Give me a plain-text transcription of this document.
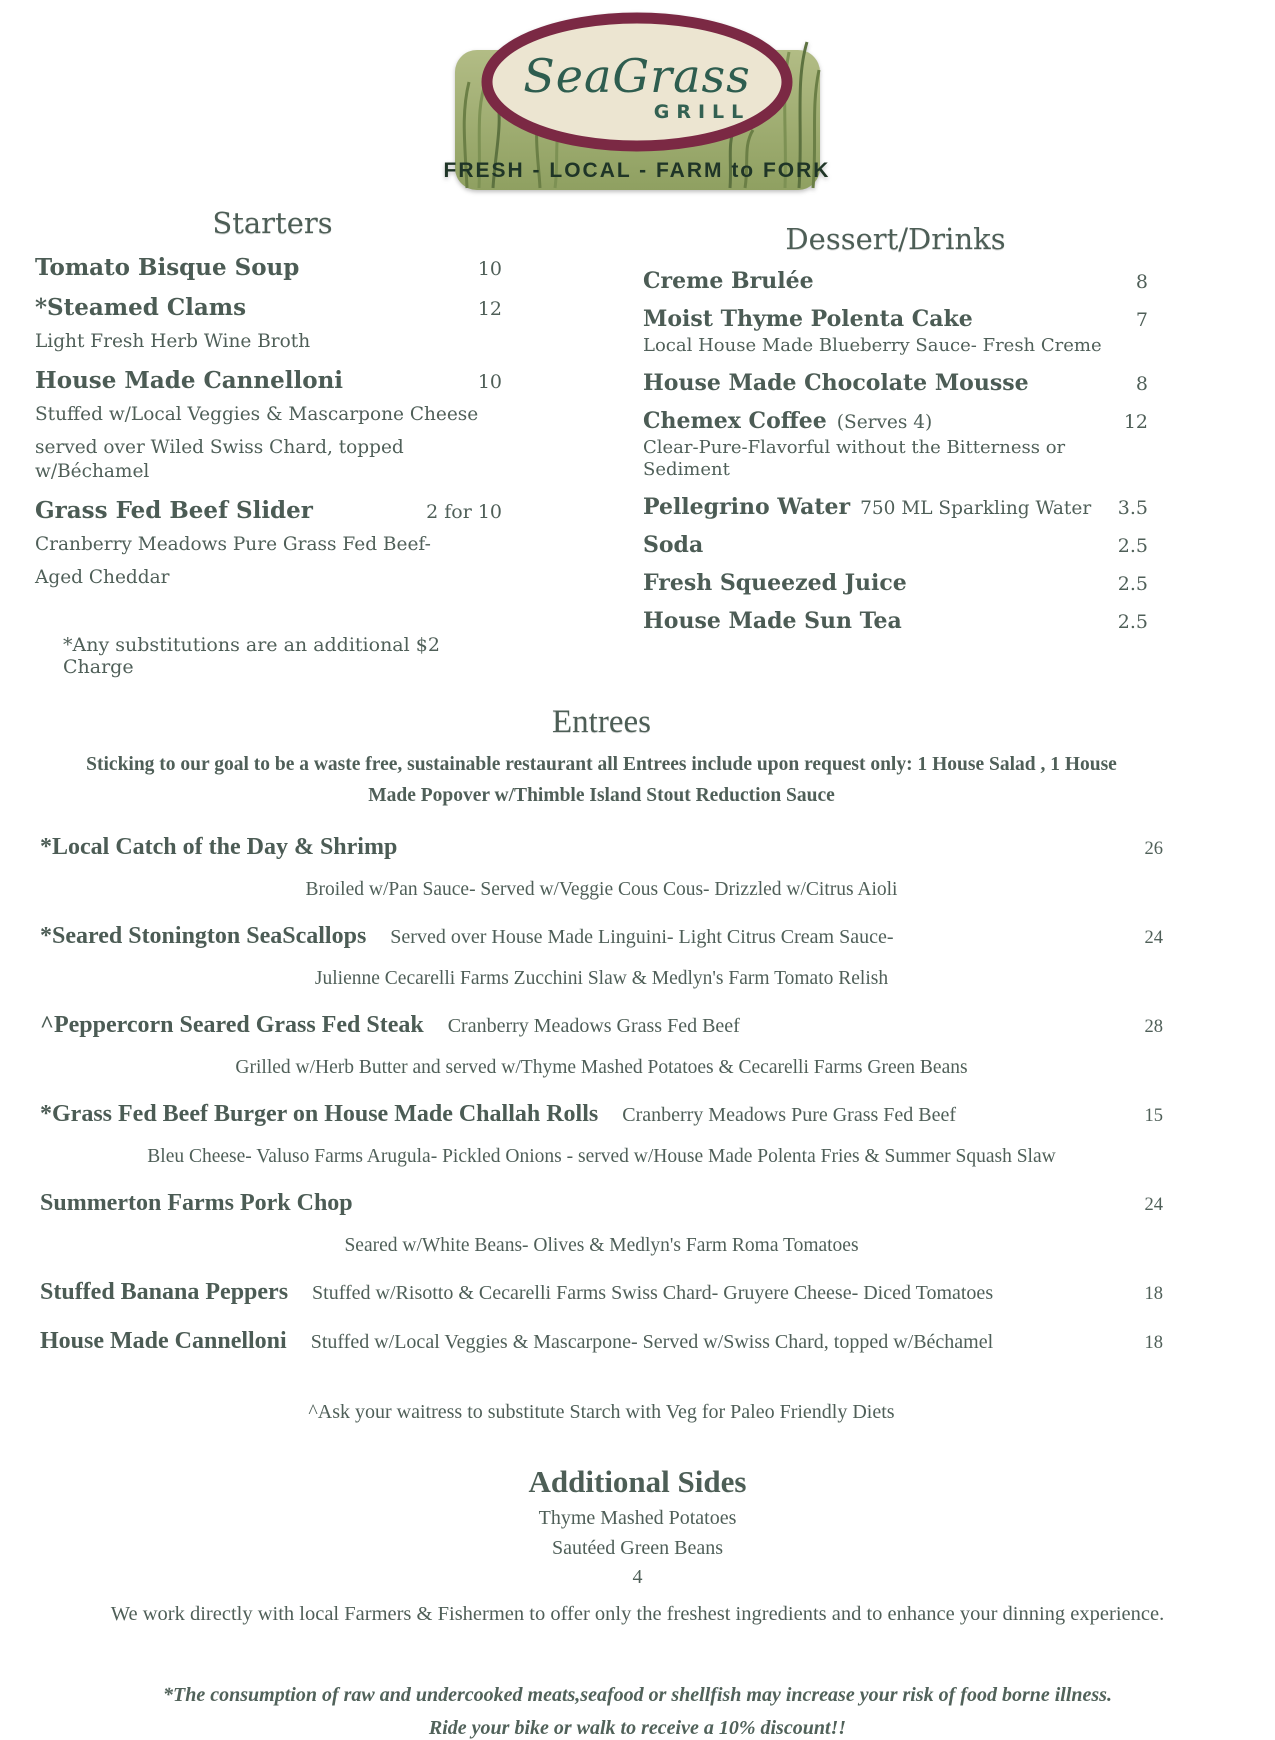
SeaGrass
GRILL
FRESH - LOCAL - FARM to FORK
Starters
Tomato Bisque Soup	10
*Steamed Clams	12
Light Fresh Herb Wine Broth
House Made Cannelloni	10
Stuffed w/Local Veggies & Mascarpone Cheese
served over Wiled Swiss Chard, topped w/Béchamel
Grass Fed Beef Slider	2 for 10
Cranberry Meadows Pure Grass Fed Beef-
Aged Cheddar
*Any substitutions are an additional $2 Charge
Dessert/Drinks
Creme Brulée	8
Moist Thyme Polenta Cake	7
Local House Made Blueberry Sauce- Fresh Creme
House Made Chocolate Mousse	8
Chemex Coffee (Serves 4)	12
Clear-Pure-Flavorful without the Bitterness or Sediment
Pellegrino Water 750 ML Sparkling Water 3.5
Soda	2.5
Fresh Squeezed Juice	2.5
House Made Sun Tea	2.5
Entrees
Sticking to our goal to be a waste free, sustainable restaurant all Entrees include upon request only: 1 House Salad , 1 House
Made Popover w/Thimble Island Stout Reduction Sauce
*Local Catch of the Day & Shrimp	26
Broiled w/Pan Sauce- Served w/Veggie Cous Cous- Drizzled w/Citrus Aioli
*Seared Stonington SeaScallops Served over House Made Linguini- Light Citrus Cream Sauce-	24
Julienne Cecarelli Farms Zucchini Slaw & Medlyn's Farm Tomato Relish
^Peppercorn Seared Grass Fed Steak Cranberry Meadows Grass Fed Beef	28
Grilled w/Herb Butter and served w/Thyme Mashed Potatoes & Cecarelli Farms Green Beans
*Grass Fed Beef Burger on House Made Challah Rolls Cranberry Meadows Pure Grass Fed Beef	15
Bleu Cheese- Valuso Farms Arugula- Pickled Onions - served w/House Made Polenta Fries & Summer Squash Slaw
Summerton Farms Pork Chop	24
Seared w/White Beans- Olives & Medlyn's Farm Roma Tomatoes
Stuffed Banana Peppers Stuffed w/Risotto & Cecarelli Farms Swiss Chard- Gruyere Cheese- Diced Tomatoes	18
House Made Cannelloni Stuffed w/Local Veggies & Mascarpone- Served w/Swiss Chard, topped w/Béchamel	18
^Ask your waitress to substitute Starch with Veg for Paleo Friendly Diets
Additional Sides
Thyme Mashed Potatoes
Sautéed Green Beans
4
We work directly with local Farmers & Fishermen to offer only the freshest ingredients and to enhance your dinning experience.
*The consumption of raw and undercooked meats,seafood or shellfish may increase your risk of food borne illness.
Ride your bike or walk to receive a 10% discount!!
